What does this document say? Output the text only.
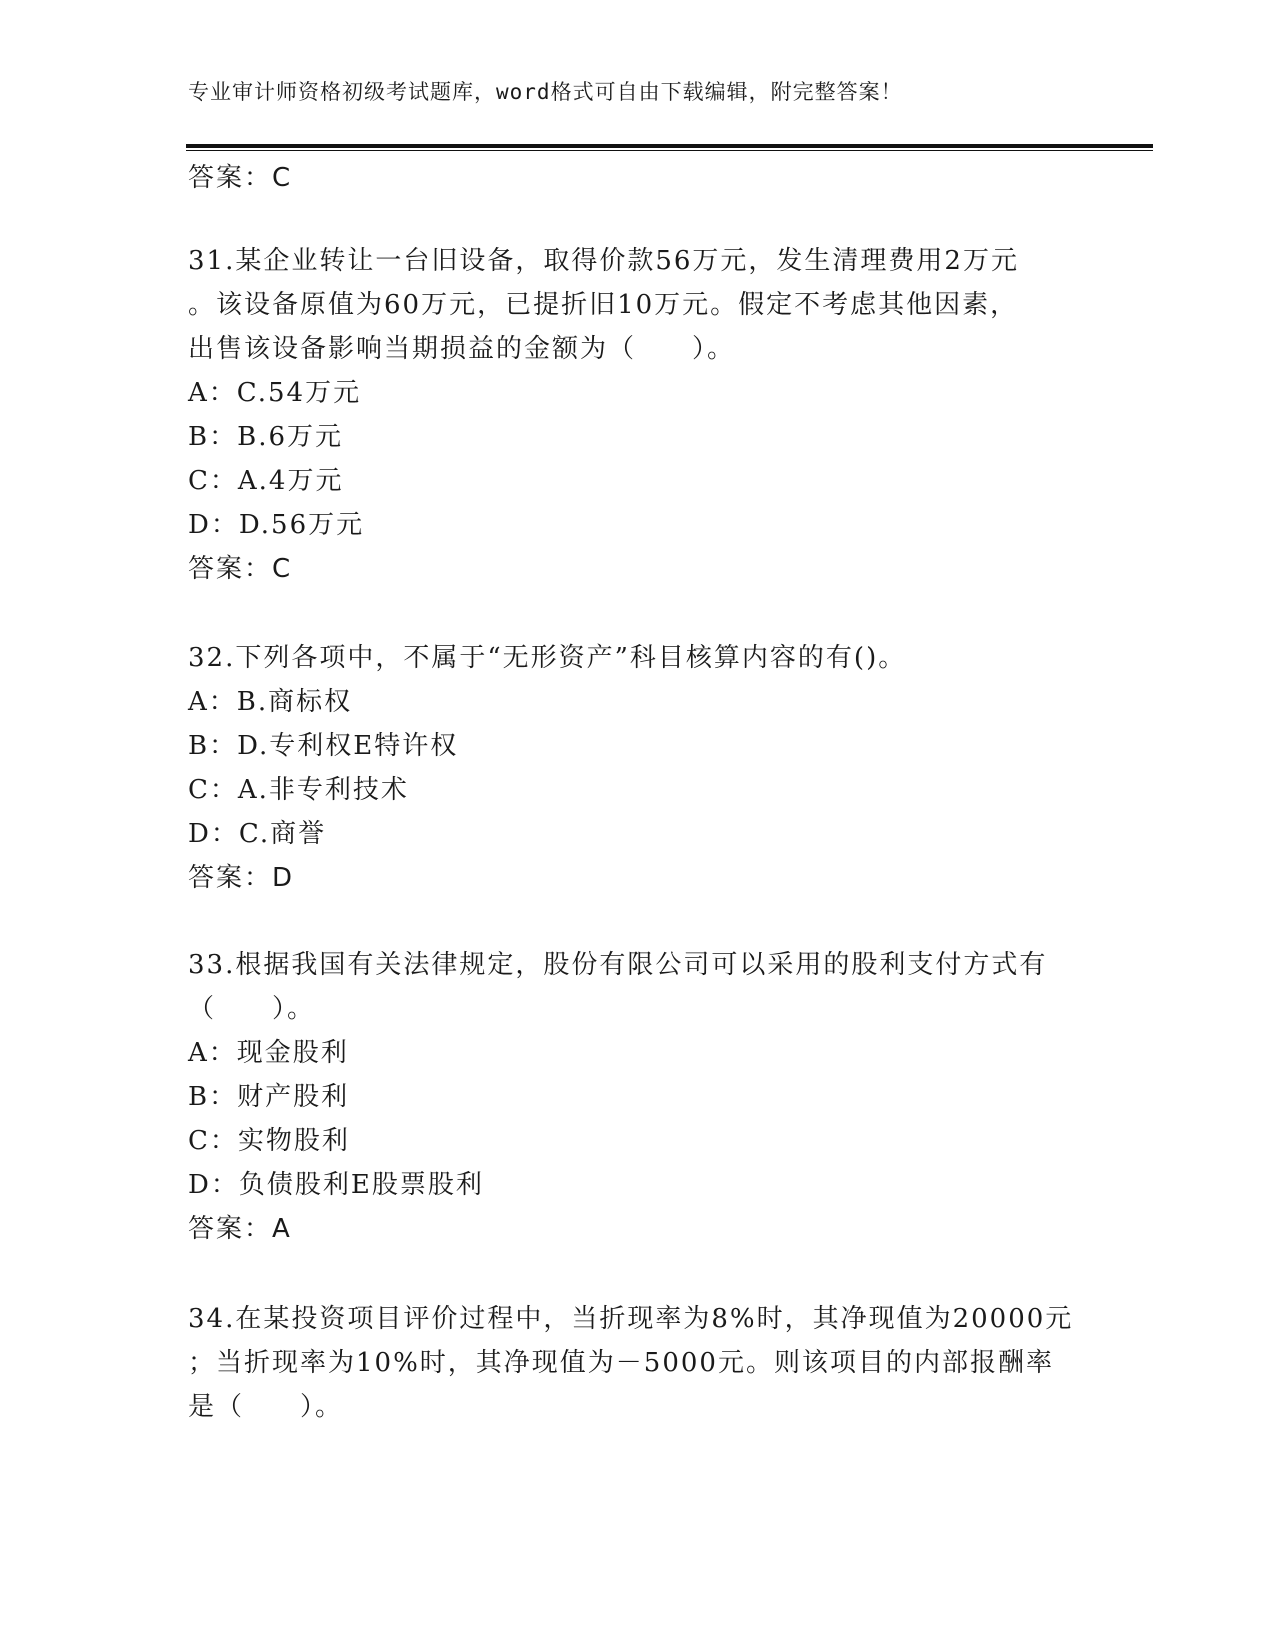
专业审计师资格初级考试题库，word格式可自由下载编辑，附完整答案！
答案：C
31.某企业转让一台旧设备，取得价款56万元，发生清理费用2万元
。该设备原值为60万元，已提折旧10万元。假定不考虑其他因素，
出售该设备影响当期损益的金额为（　　）。
A：C.54万元
B：B.6万元
C：A.4万元
D：D.56万元
答案：C
32.下列各项中，不属于“无形资产”科目核算内容的有()。
A：B.商标权
B：D.专利权E特许权
C：A.非专利技术
D：C.商誉
答案：D
33.根据我国有关法律规定，股份有限公司可以采用的股利支付方式有
（　　）。
A：现金股利
B：财产股利
C：实物股利
D：负债股利E股票股利
答案：A
34.在某投资项目评价过程中，当折现率为8%时，其净现值为20000元
；当折现率为10%时，其净现值为－5000元。则该项目的内部报酬率
是（　　）。
